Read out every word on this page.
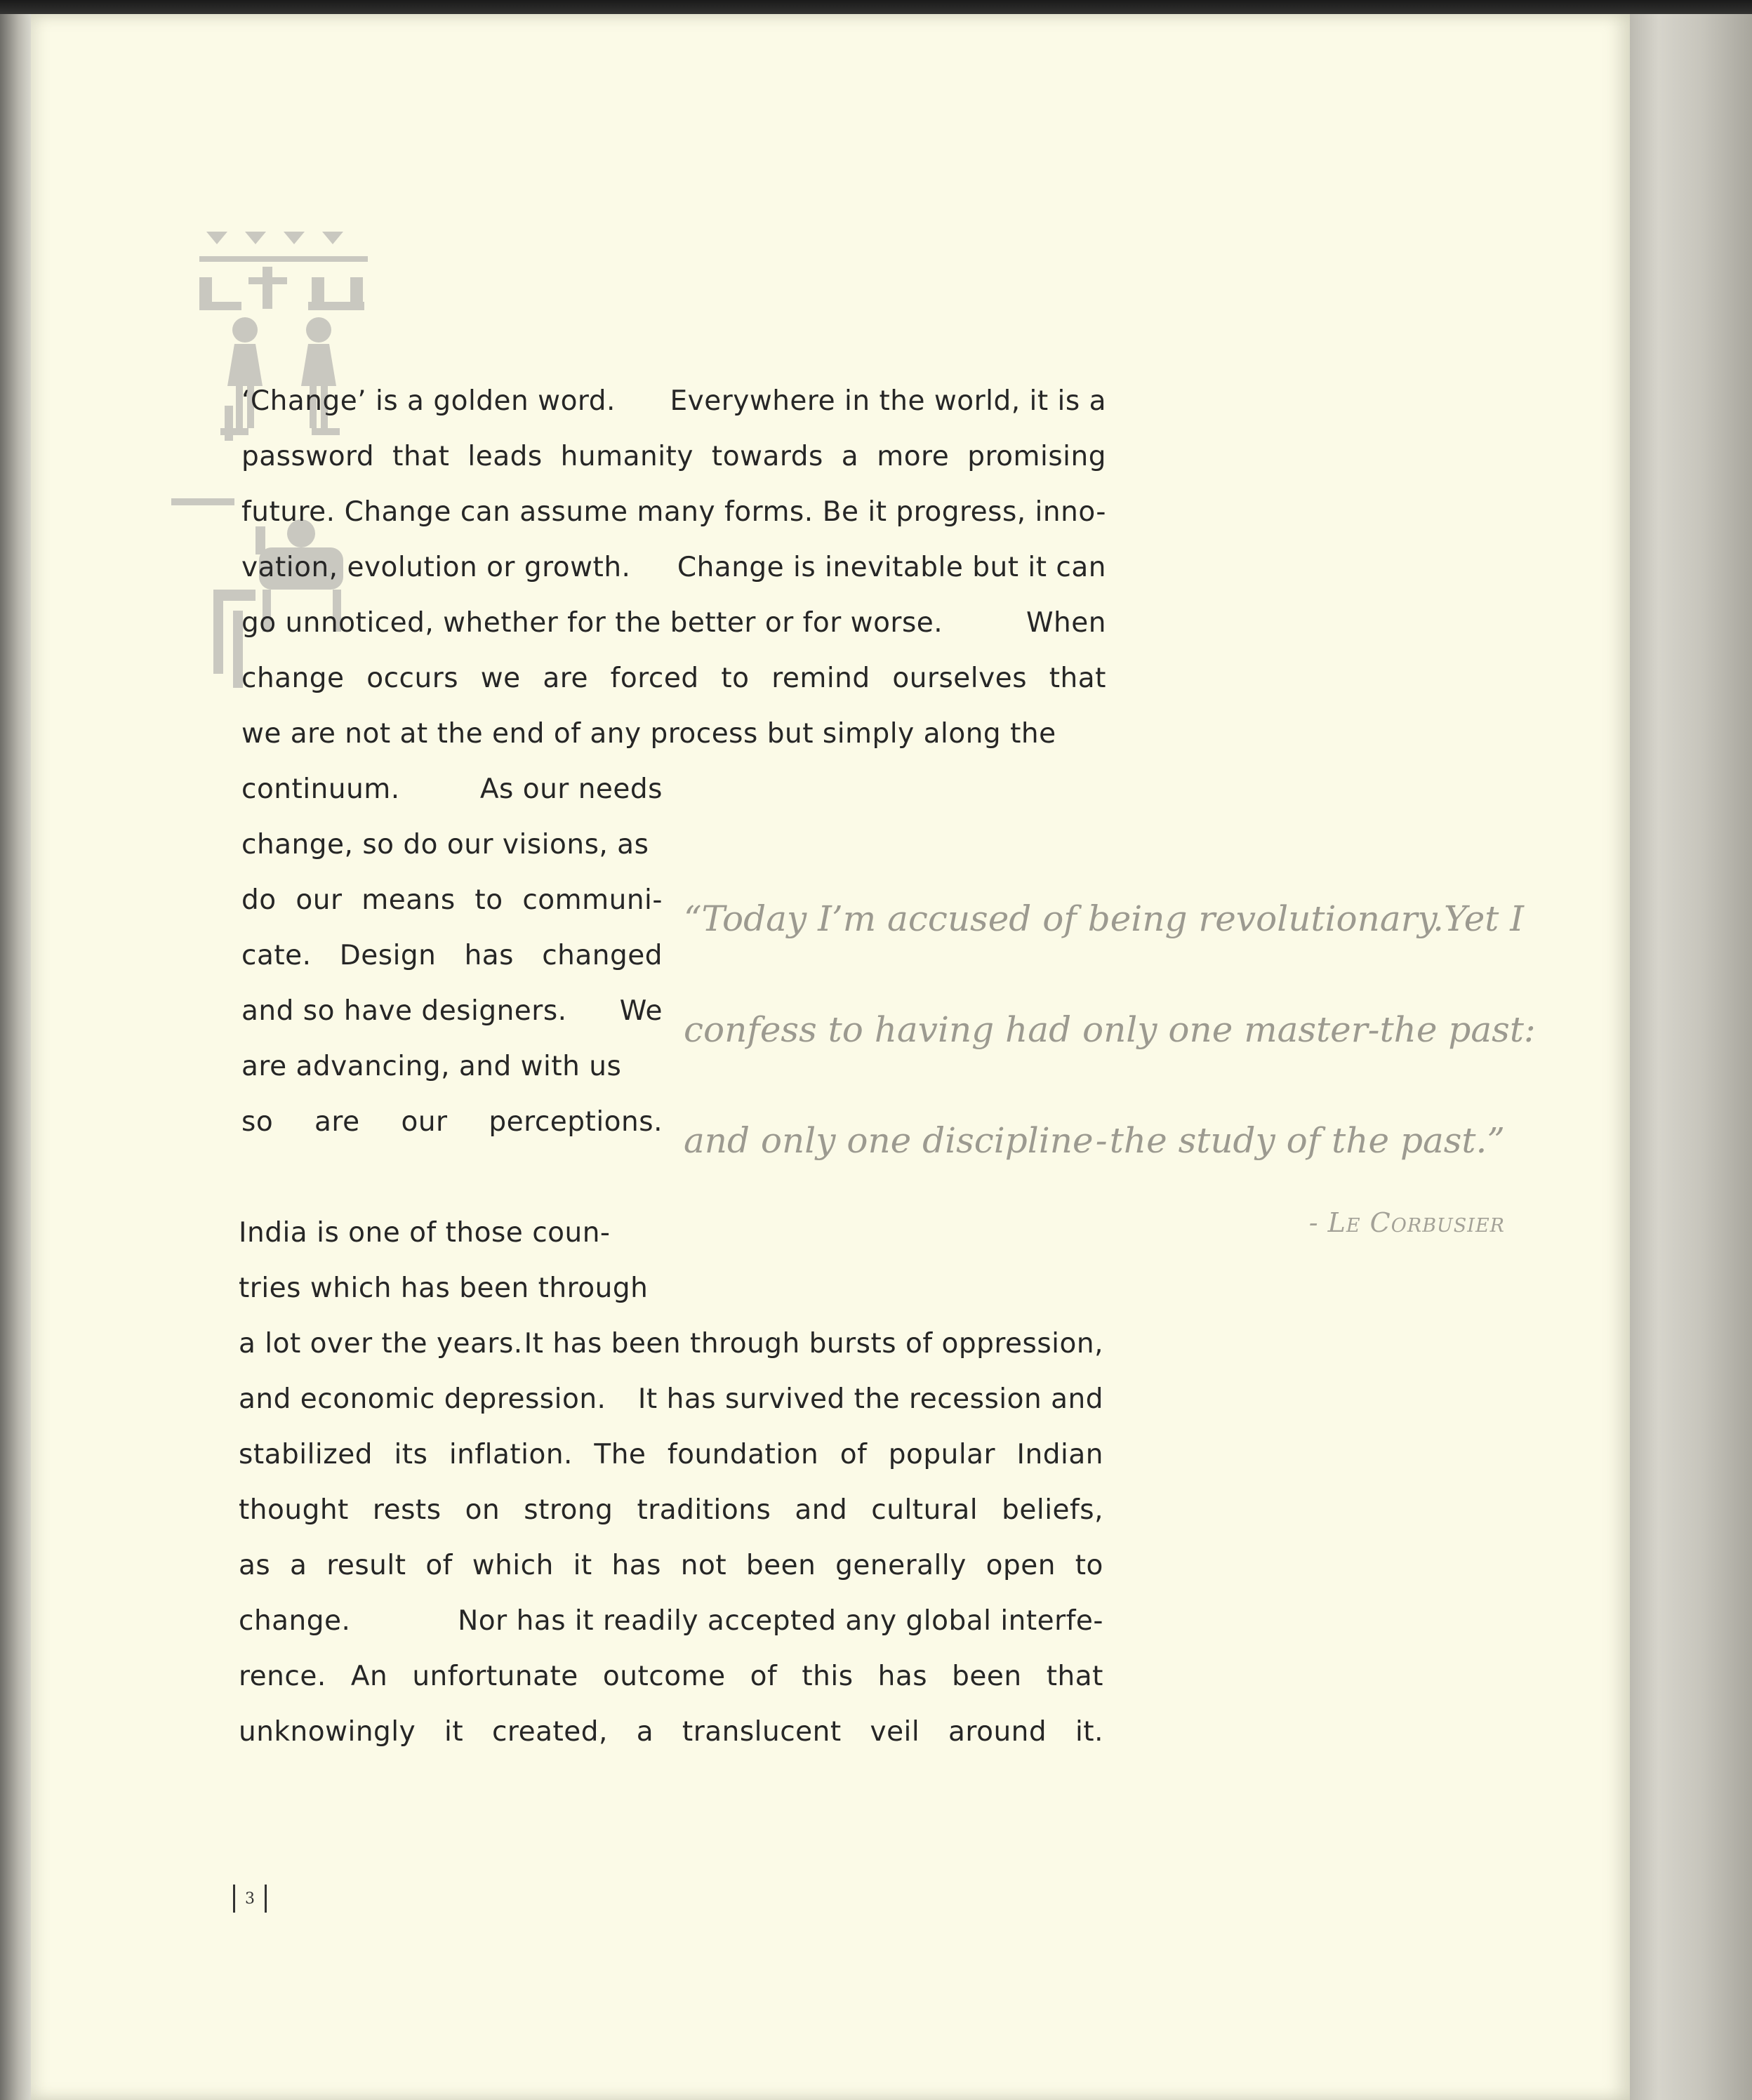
‘Change’ is a golden word. Everywhere in the world, it is a
password that leads humanity towards a more promising
future. Change can assume many forms. Be it progress, inno-
vation, evolution or growth. Change is inevitable but it can
go unnoticed, whether for the better or for worse.	When
change occurs we are forced to remind ourselves that
we are not at the end of any process but simply along the
continuum.	As our needs
change, so do our visions, as
do our means to communi-
cate. Design has changed
and so have designers. We
are advancing, and with us
so are our perceptions.
India is one of those coun-
tries which has been through
a lot over the years. It has been through bursts of oppression,
and economic depression. It has survived the recession and
stabilized its inflation. The foundation of popular Indian
thought rests on strong traditions and cultural beliefs,
as a result of which it has not been generally open to
change.	Nor has it readily accepted any global interfe-
rence. An unfortunate outcome of this has been that
unknowingly it created, a translucent veil around it.
“Today I’m accused of being revolutionary. Yet I
confess to having had only one master - the past:
and only one discipline - the study of the past.”
- Le Corbusier
3
